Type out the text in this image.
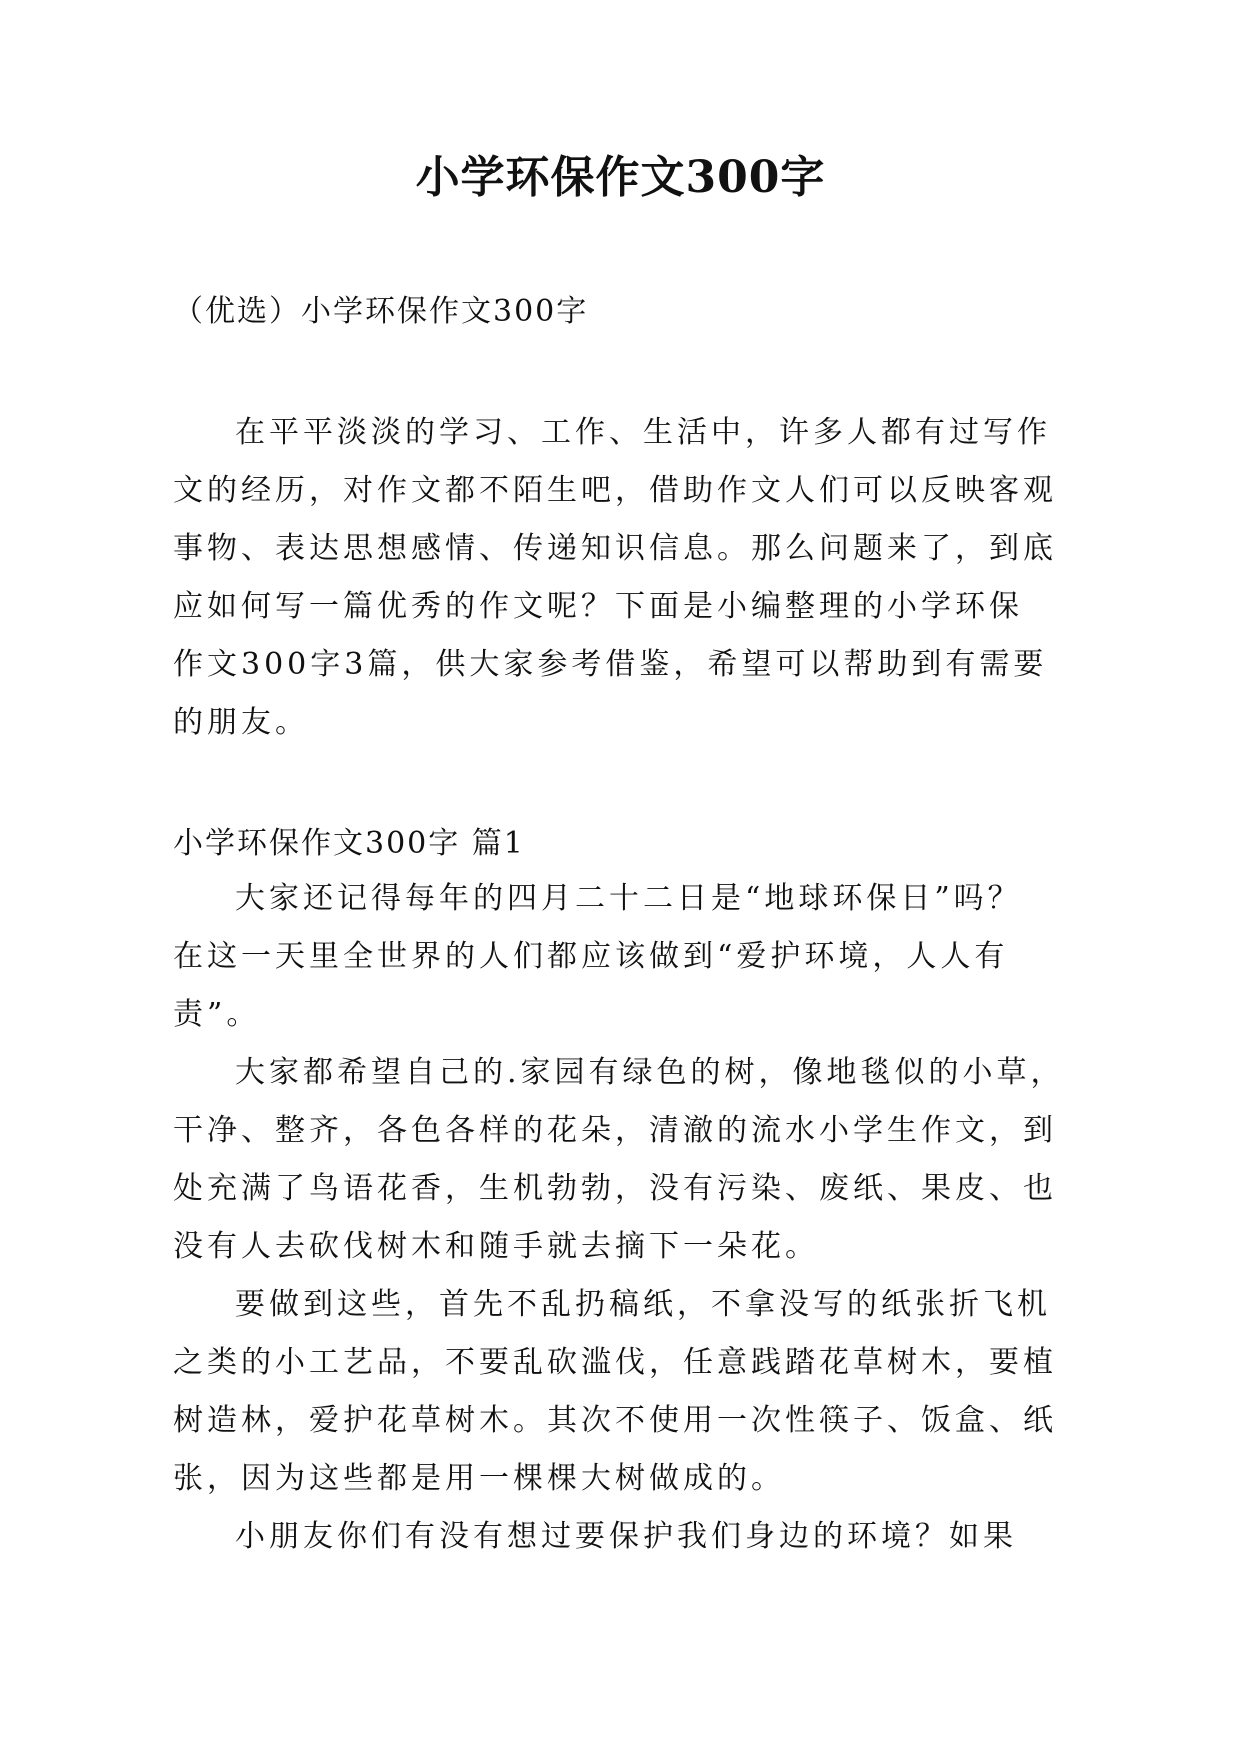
小学环保作文300字
（优选）小学环保作文300字
在平平淡淡的学习、工作、生活中，许多人都有过写作
文的经历，对作文都不陌生吧，借助作文人们可以反映客观
事物、表达思想感情、传递知识信息。那么问题来了，到底
应如何写一篇优秀的作文呢？下面是小编整理的小学环保
作文300字3篇，供大家参考借鉴，希望可以帮助到有需要
的朋友。
小学环保作文300字 篇1
大家还记得每年的四月二十二日是“地球环保日”吗？
在这一天里全世界的人们都应该做到“爱护环境，人人有
责”。
大家都希望自己的.家园有绿色的树，像地毯似的小草，
干净、整齐，各色各样的花朵，清澈的流水小学生作文，到
处充满了鸟语花香，生机勃勃，没有污染、废纸、果皮、也
没有人去砍伐树木和随手就去摘下一朵花。
要做到这些，首先不乱扔稿纸，不拿没写的纸张折飞机
之类的小工艺品，不要乱砍滥伐，任意践踏花草树木，要植
树造林，爱护花草树木。其次不使用一次性筷子、饭盒、纸
张，因为这些都是用一棵棵大树做成的。
小朋友你们有没有想过要保护我们身边的环境？如果
